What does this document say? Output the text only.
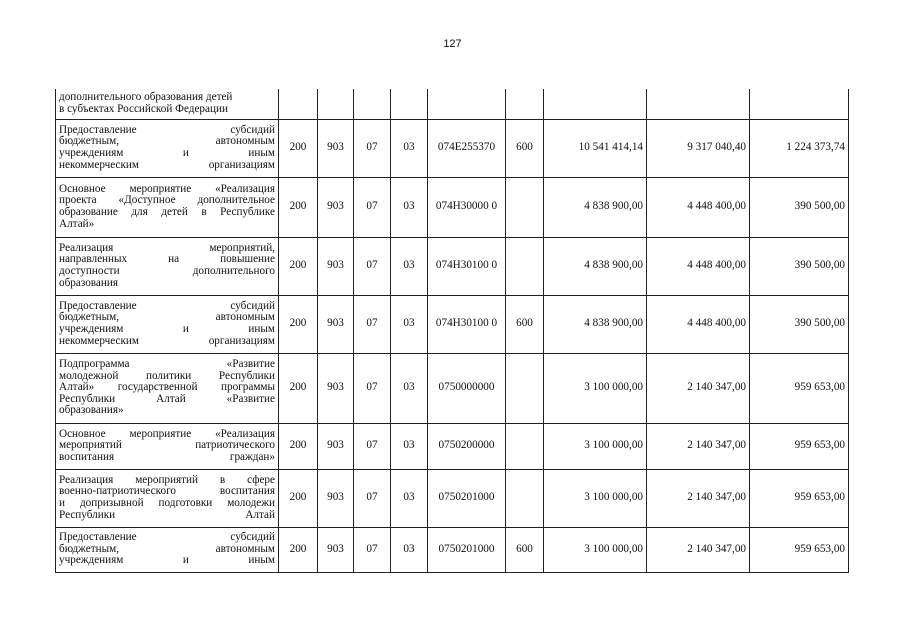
127
дополнительного образования детей
в субъектах Российской Федерации									

Предоставление субсидий
бюджетным, автономным
учреждениям и иным
некоммерческим организациям	200	903	07	03	074E255370	600	10 541 414,14	9 317 040,40	1 224 373,74

Основное мероприятие «Реализация
проекта «Доступное дополнительное
образование для детей в Республике
Алтай»	200	903	07	03	074Н30000 0		4 838 900,00	4 448 400,00	390 500,00

Реализация мероприятий,
направленных на повышение
доступности дополнительного
образования	200	903	07	03	074Н30100 0		4 838 900,00	4 448 400,00	390 500,00

Предоставление субсидий
бюджетным, автономным
учреждениям и иным
некоммерческим организациям	200	903	07	03	074Н30100 0	600	4 838 900,00	4 448 400,00	390 500,00

Подпрограмма «Развитие
молодежной политики Республики
Алтай» государственной программы
Республики Алтай «Развитие
образования»	200	903	07	03	0750000000		3 100 000,00	2 140 347,00	959 653,00

Основное мероприятие «Реализация
мероприятий патриотического
воспитания граждан»	200	903	07	03	0750200000		3 100 000,00	2 140 347,00	959 653,00

Реализация мероприятий в сфере
военно-патриотического воспитания
и допризывной подготовки молодежи
Республики Алтай	200	903	07	03	0750201000		3 100 000,00	2 140 347,00	959 653,00

Предоставление субсидий
бюджетным, автономным
учреждениям и иным	200	903	07	03	0750201000	600	3 100 000,00	2 140 347,00	959 653,00
